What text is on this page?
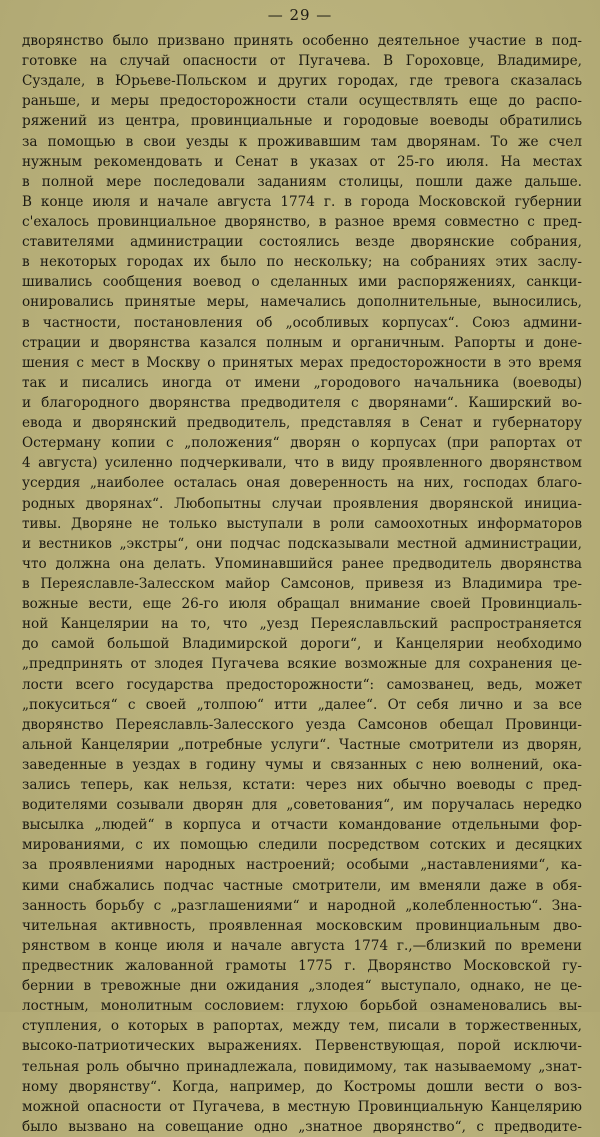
— 29 —
дворянство было призвано принять особенно деятельное участие в под-
готовке на случай опасности от Пугачева. В Гороховце, Владимире,
Суздале, в Юрьеве-Польском и других городах, где тревога сказалась
раньше, и меры предосторожности стали осуществлять еще до распо-
ряжений из центра, провинциальные и городовые воеводы обратились
за помощью в свои уезды к проживавшим там дворянам. То же счел
нужным рекомендовать и Сенат в указах от 25-го июля. На местах
в полной мере последовали заданиям столицы, пошли даже дальше.
В конце июля и начале августа 1774 г. в города Московской губернии
с'ехалось провинциальное дворянство, в разное время совместно с пред-
ставителями администрации состоялись везде дворянские собрания,
в некоторых городах их было по нескольку; на собраниях этих заслу-
шивались сообщения воевод о сделанных ими распоряжениях, санкци-
онировались принятые меры, намечались дополнительные, выносились,
в частности, постановления об „особливых корпусах“. Союз админи-
страции и дворянства казался полным и органичным. Рапорты и доне-
шения с мест в Москву о принятых мерах предосторожности в это время
так и писались иногда от имени „городового начальника (воеводы)
и благородного дворянства предводителя с дворянами“. Каширский во-
евода и дворянский предводитель, представляя в Сенат и губернатору
Остерману копии с „положения“ дворян о корпусах (при рапортах от
4 августа) усиленно подчеркивали, что в виду проявленного дворянством
усердия „наиболее осталась оная доверенность на них, господах благо-
родных дворянах“. Любопытны случаи проявления дворянской инициа-
тивы. Дворяне не только выступали в роли самоохотных информаторов
и вестников „экстры“, они подчас подсказывали местной администрации,
что должна она делать. Упоминавшийся ранее предводитель дворянства
в Переяславле-Залесском майор Самсонов, привезя из Владимира тре-
вожные вести, еще 26-го июля обращал внимание своей Провинциаль-
ной Канцелярии на то, что „уезд Переяславльский распространяется
до самой большой Владимирской дороги“, и Канцелярии необходимо
„предпринять от злодея Пугачева всякие возможные для сохранения це-
лости всего государства предосторожности“: самозванец, ведь, может
„покуситься“ с своей „толпою“ итти „далее“. От себя лично и за все
дворянство Переяславль-Залесского уезда Самсонов обещал Провинци-
альной Канцелярии „потребные услуги“. Частные смотрители из дворян,
заведенные в уездах в годину чумы и связанных с нею волнений, ока-
зались теперь, как нельзя, кстати: через них обычно воеводы с пред-
водителями созывали дворян для „советования“, им поручалась нередко
высылка „людей“ в корпуса и отчасти командование отдельными фор-
мированиями, с их помощью следили посредством сотских и десяцких
за проявлениями народных настроений; особыми „наставлениями“, ка-
кими снабжались подчас частные смотрители, им вменяли даже в обя-
занность борьбу с „разглашениями“ и народной „колебленностью“. Зна-
чительная активность, проявленная московским провинциальным дво-
рянством в конце июля и начале августа 1774 г.,—близкий по времени
предвестник жалованной грамоты 1775 г. Дворянство Московской гу-
бернии в тревожные дни ожидания „злодея“ выступало, однако, не це-
лостным, монолитным сословием: глухою борьбой ознаменовались вы-
ступления, о которых в рапортах, между тем, писали в торжественных,
высоко-патриотических выражениях. Первенствующая, порой исключи-
тельная роль обычно принадлежала, повидимому, так называемому „знат-
ному дворянству“. Когда, например, до Костромы дошли вести о воз-
можной опасности от Пугачева, в местную Провинциальную Канцелярию
было вызвано на совещание одно „знатное дворянство“, с предводите-
